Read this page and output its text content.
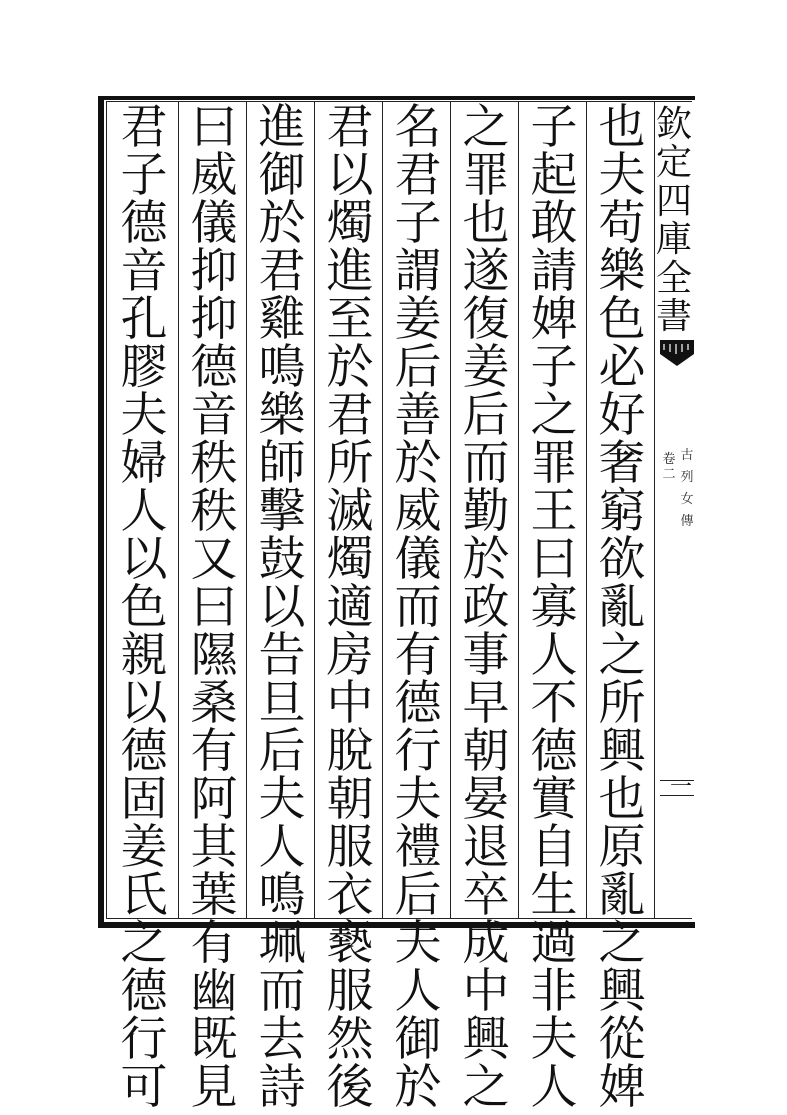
也
夫
苟
樂
色
必
好
奢
窮
欲
亂
之
所
興
也
原
亂
之
興
從
婢
子
起
敢
請
婢
子
之
罪
王
曰
寡
人
不
德
實
自
生
過
非
夫
人
之
罪
也
遂
復
姜
后
而
勤
於
政
事
早
朝
晏
退
卒
成
中
興
之
名
君
子
謂
姜
后
善
於
威
儀
而
有
德
行
夫
禮
后
夫
人
御
於
君
以
燭
進
至
於
君
所
滅
燭
適
房
中
脫
朝
服
衣
褻
服
然
後
進
御
於
君
雞
鳴
樂
師
擊
鼓
以
告
旦
后
夫
人
鳴
珮
而
去
詩
曰
威
儀
抑
抑
德
音
秩
秩
又
曰
隰
桑
有
阿
其
葉
有
幽
既
見
君
子
德
音
孔
膠
夫
婦
人
以
色
親
以
德
固
姜
氏
之
德
行
可
欽
定
四
庫
全
書
卷
二
古
列
女
傳
一
